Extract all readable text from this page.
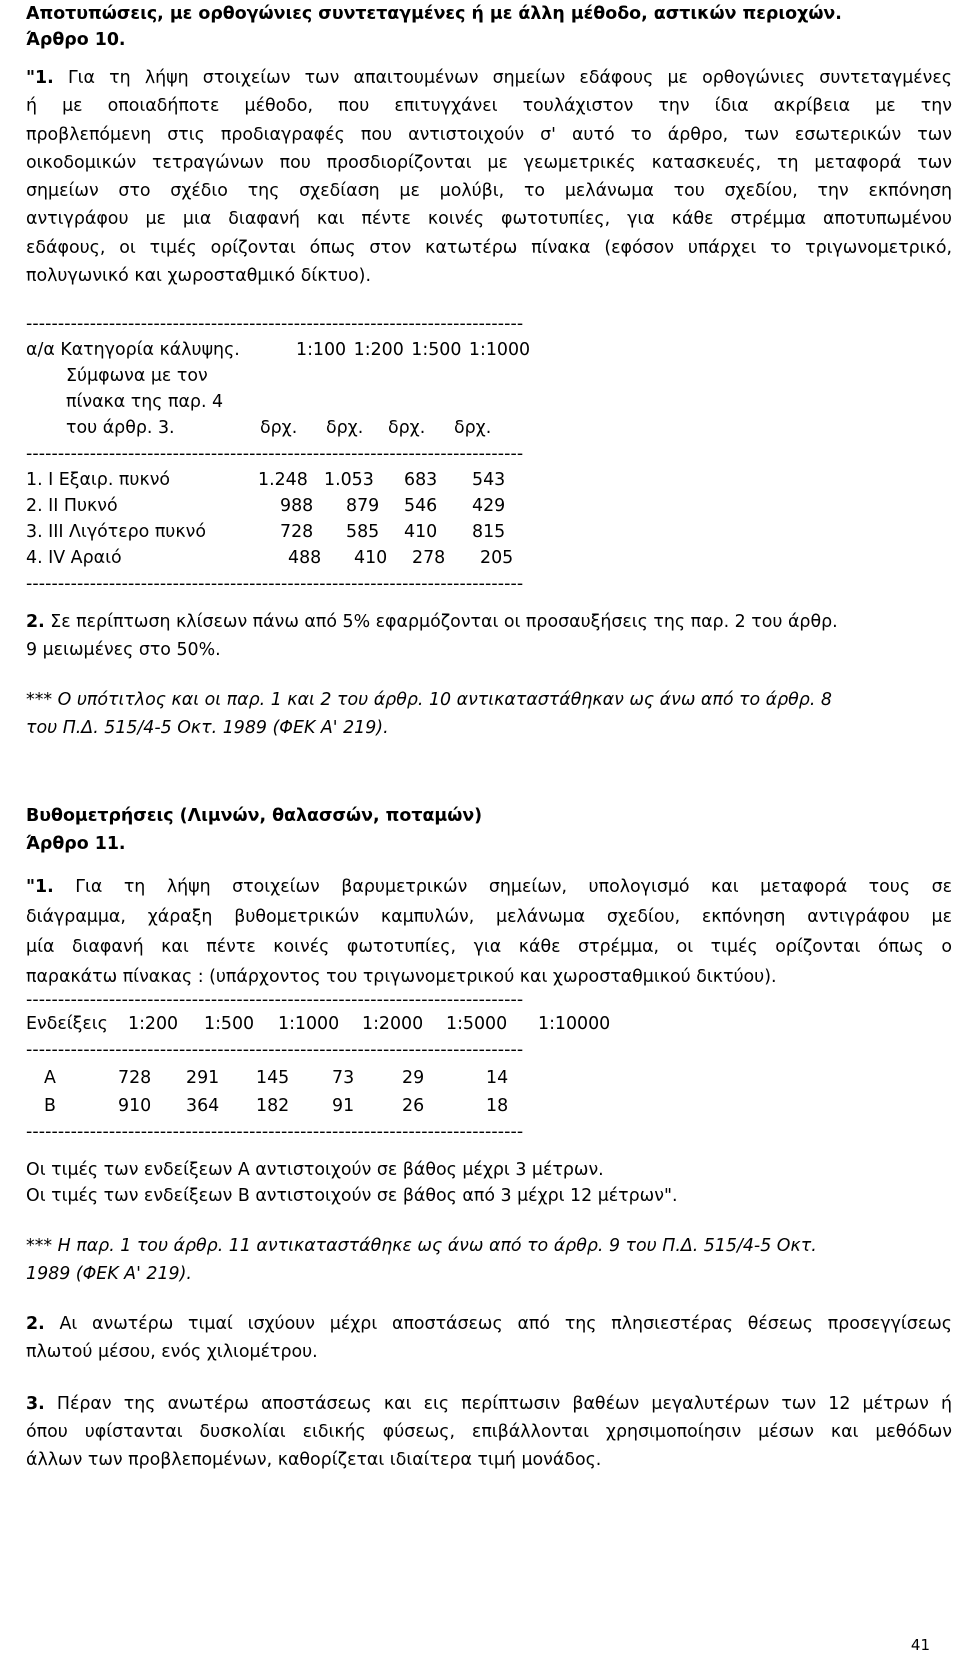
Αποτυπώσεις, με ορθογώνιες συντεταγμένες ή με άλλη μέθοδο, αστικών περιοχών.
Άρθρο 10.
"1. Για τη λήψη στοιχείων των απαιτουμένων σημείων εδάφους με ορθογώνιες συντεταγμένες
ή με οποιαδήποτε μέθοδο, που επιτυγχάνει τουλάχιστον την ίδια ακρίβεια με την
προβλεπόμενη στις προδιαγραφές που αντιστοιχούν σ' αυτό το άρθρο, των εσωτερικών των
οικοδομικών τετραγώνων που προσδιορίζονται με γεωμετρικές κατασκευές, τη μεταφορά των
σημείων στο σχέδιο της σχεδίαση με μολύβι, το μελάνωμα του σχεδίου, την εκπόνηση
αντιγράφου με μια διαφανή και πέντε κοινές φωτοτυπίες, για κάθε στρέμμα αποτυπωμένου
εδάφους, οι τιμές ορίζονται όπως στον κατωτέρω πίνακα (εφόσον υπάρχει το τριγωνομετρικό,
πολυγωνικό και χωροσταθμικό δίκτυο).
------------------------------------------------------------------------------
α/α Κατηγορία κάλυψης.	1:100 1:200 1:500 1:1000
Σύμφωνα με τον
πίνακα της παρ. 4
του άρθρ. 3.	δρχ. δρχ. δρχ. δρχ.
------------------------------------------------------------------------------
1. Ι Εξαιρ. πυκνό	1.248 1.053 683 543
2. ΙΙ Πυκνό	988 879 546 429
3. ΙΙΙ Λιγότερο πυκνό	728 585 410 815
4. ΙV Αραιό	488 410 278 205
------------------------------------------------------------------------------
2. Σε περίπτωση κλίσεων πάνω από 5% εφαρμόζονται οι προσαυξήσεις της παρ. 2 του άρθρ.
9 μειωμένες στο 50%.
*** Ο υπότιτλος και οι παρ. 1 και 2 του άρθρ. 10 αντικαταστάθηκαν ως άνω από το άρθρ. 8
του Π.Δ. 515/4-5 Οκτ. 1989 (ΦΕΚ Α' 219).
Βυθομετρήσεις (Λιμνών, θαλασσών, ποταμών)
Άρθρο 11.
"1. Για τη λήψη στοιχείων βαρυμετρικών σημείων, υπολογισμό και μεταφορά τους σε
διάγραμμα, χάραξη βυθομετρικών καμπυλών, μελάνωμα σχεδίου, εκπόνηση αντιγράφου με
μία διαφανή και πέντε κοινές φωτοτυπίες, για κάθε στρέμμα, οι τιμές ορίζονται όπως ο
παρακάτω πίνακας : (υπάρχοντος του τριγωνομετρικού και χωροσταθμικού δικτύου).
------------------------------------------------------------------------------
Ενδείξεις 1:200 1:500 1:1000 1:2000 1:5000 1:10000
------------------------------------------------------------------------------
Α	728 291 145 73	29	14
Β	910 364 182 91	26	18
------------------------------------------------------------------------------
Οι τιμές των ενδείξεων Α αντιστοιχούν σε βάθος μέχρι 3 μέτρων.
Οι τιμές των ενδείξεων Β αντιστοιχούν σε βάθος από 3 μέχρι 12 μέτρων".
*** Η παρ. 1 του άρθρ. 11 αντικαταστάθηκε ως άνω από το άρθρ. 9 του Π.Δ. 515/4-5 Οκτ.
1989 (ΦΕΚ Α' 219).
2. Αι ανωτέρω τιμαί ισχύουν μέχρι αποστάσεως από της πλησιεστέρας θέσεως προσεγγίσεως
πλωτού μέσου, ενός χιλιομέτρου.
3. Πέραν της ανωτέρω αποστάσεως και εις περίπτωσιν βαθέων μεγαλυτέρων των 12 μέτρων ή
όπου υφίστανται δυσκολίαι ειδικής φύσεως, επιβάλλονται χρησιμοποίησιν μέσων και μεθόδων
άλλων των προβλεπομένων, καθορίζεται ιδιαίτερα τιμή μονάδος.
41
